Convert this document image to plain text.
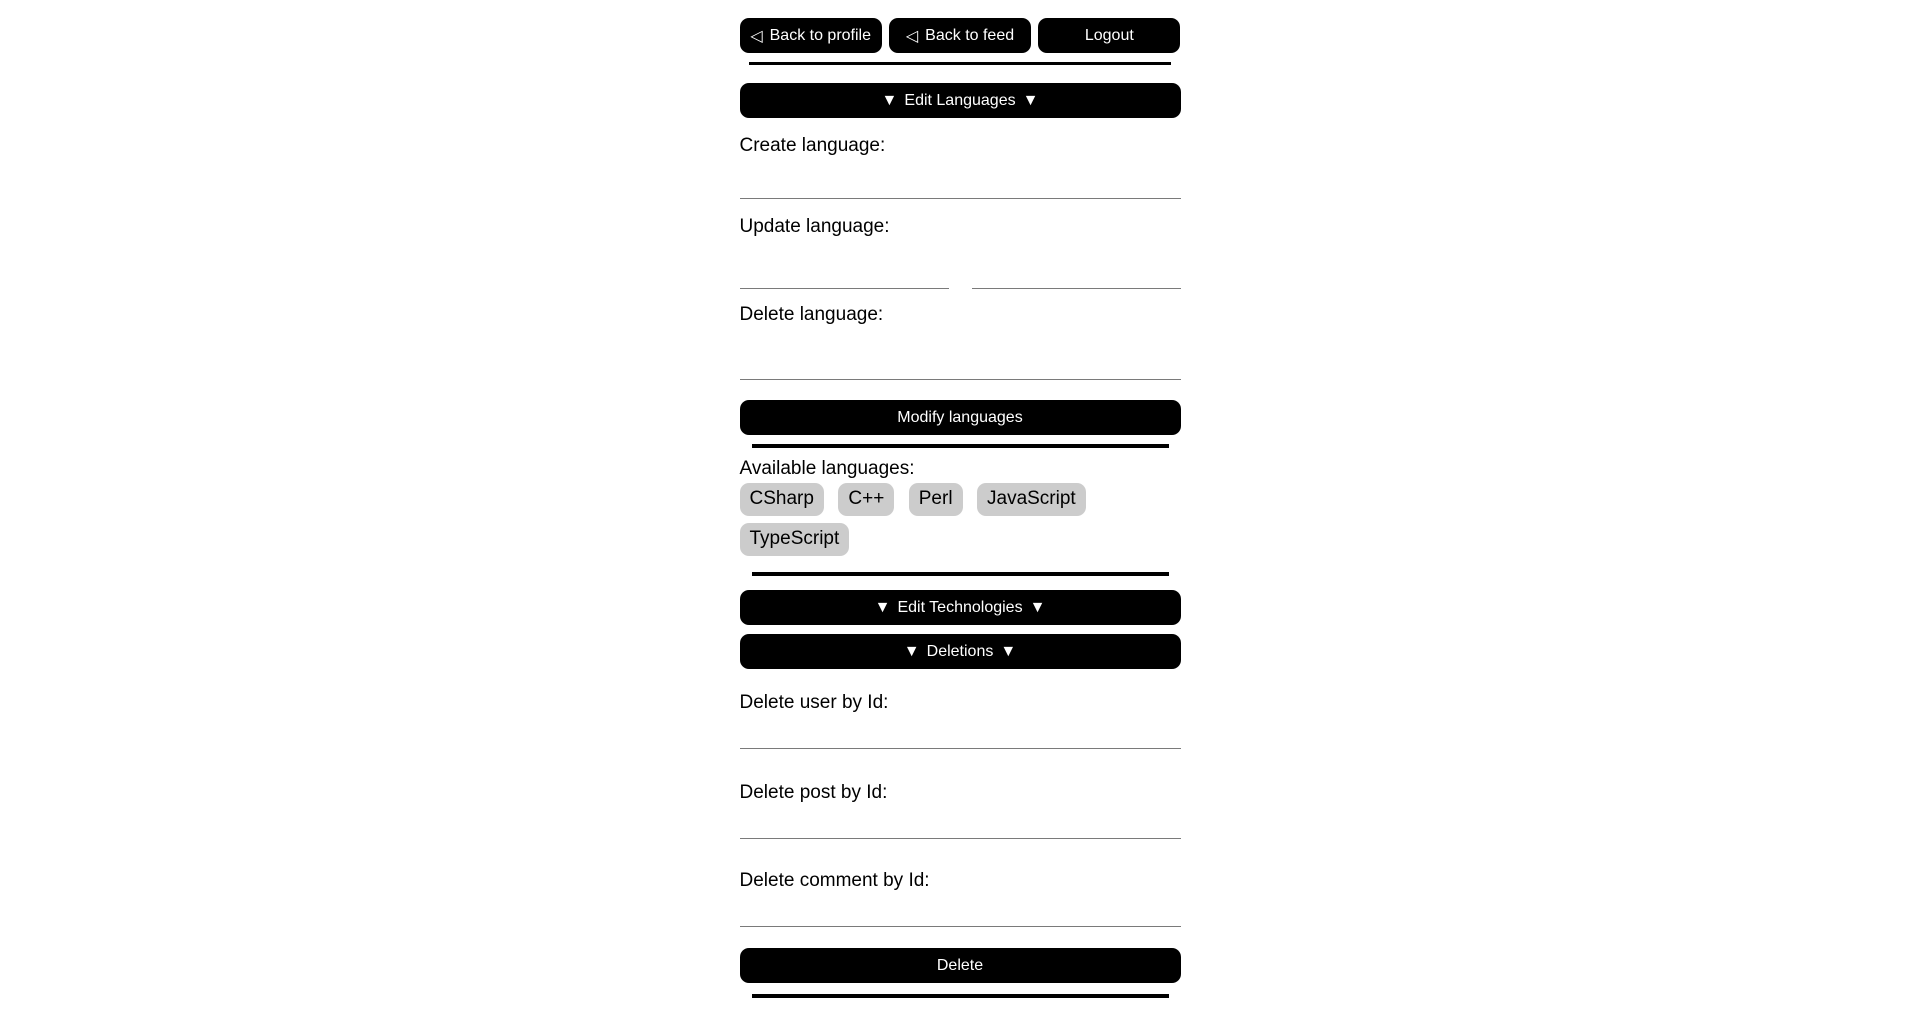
◁ Back to profile ◁ Back to feed	Logout
▼ Edit Languages ▼
Create language:
Update language:
Delete language:
Modify languages
Available languages:
CSharp C++ Perl JavaScript TypeScript
▼ Edit Technologies ▼
▼ Deletions ▼
Delete user by Id:
Delete post by Id:
Delete comment by Id:
Delete
